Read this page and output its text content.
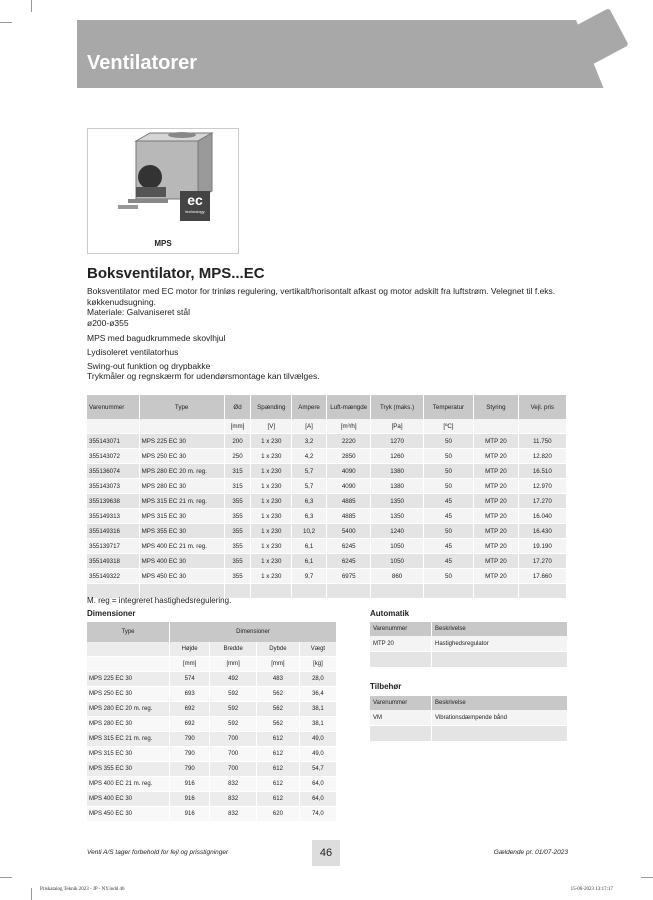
Ventilatorer
ec
technology
MPS
Boksventilator, MPS...EC
Boksventilator med EC motor for trinløs regulering, vertikalt/horisontalt afkast og motor adskilt fra luftstrøm. Velegnet til f.eks. køkkenudsugning.
Materiale: Galvaniseret stål
ø200-ø355
MPS med bagudkrummede skovlhjul
Lydisoleret ventilatorhus
Swing-out funktion og drypbakke
Trykmåler og regnskærm for udendørsmontage kan tilvælges.
Varenummer	Type	Ød	Spænding	Ampere	Luft-mængde	Tryk (maks.)	Temperatur	Styring	Vejl. pris
		[mm]	[V]	[A]	[m³/h]	[Pa]	[ºC]		
355143071	MPS 225 EC 30	200	1 x 230	3,2	2220	1270	50	MTP 20	11.750
355143072	MPS 250 EC 30	250	1 x 230	4,2	2850	1260	50	MTP 20	12.820
355136074	MPS 280 EC 20 m. reg.	315	1 x 230	5,7	4090	1380	50	MTP 20	16.510
355143073	MPS 280 EC 30	315	1 x 230	5,7	4090	1380	50	MTP 20	12.970
355139638	MPS 315 EC 21 m. reg.	355	1 x 230	6,3	4885	1350	45	MTP 20	17.270
355149313	MPS 315 EC 30	355	1 x 230	6,3	4885	1350	45	MTP 20	16.040
355149316	MPS 355 EC 30	355	1 x 230	10,2	5400	1240	50	MTP 20	16.430
355139717	MPS 400 EC 21 m. reg.	355	1 x 230	6,1	6245	1050	45	MTP 20	19.190
355149318	MPS 400 EC 30	355	1 x 230	6,1	6245	1050	45	MTP 20	17.270
355149322	MPS 450 EC 30	355	1 x 230	9,7	6975	860	50	MTP 20	17.660

M. reg = integreret hastighedsregulering.
Dimensioner
Type	Dimensioner			
	Højde	Bredde	Dybde	Vægt
	[mm]	[mm]	[mm]	[kg]
MPS 225 EC 30	574	492	483	28,0
MPS 250 EC 30	693	592	562	36,4
MPS 280 EC 20 m. reg.	692	592	562	38,1
MPS 280 EC 30	692	592	562	38,1
MPS 315 EC 21 m. reg.	790	700	612	49,0
MPS 315 EC 30	790	700	612	49,0
MPS 355 EC 30	790	700	612	54,7
MPS 400 EC 21 m. reg.	916	832	612	64,0
MPS 400 EC 30	916	832	612	64,0
MPS 450 EC 30	916	832	620	74,0
Automatik
Varenummer	Beskrivelse
MTP 20	Hastighedsregulator

Tilbehør
Varenummer	Beskrivelse
VM	Vibrationsdæmpende bånd

Venti A/S tager forbehold for fejl og prisstigninger	46	Gældende pr. 01/07-2023
Priskatalog Teknik 2023 - JP - NY.indd 46	15-06-2023 13:17:17
